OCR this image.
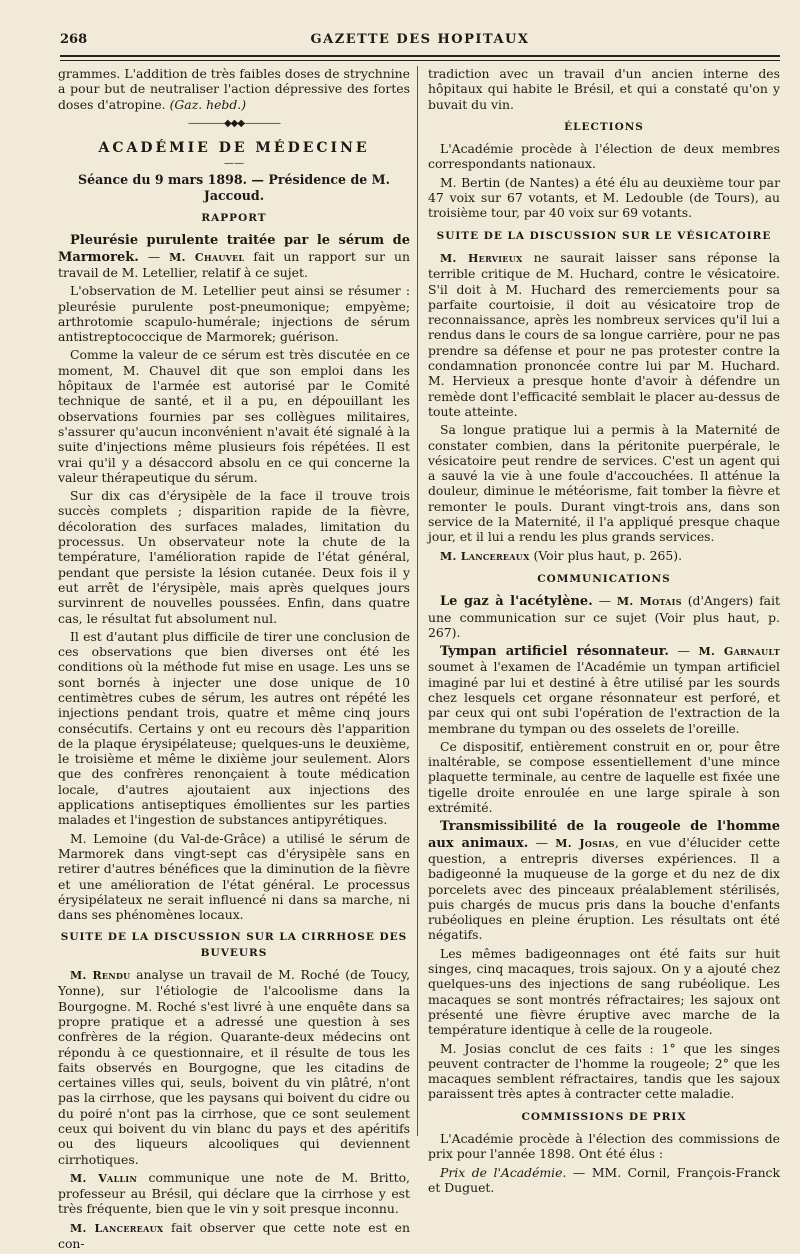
268	GAZETTE DES HOPITAUX

grammes. L'addition de très faibles doses de strychnine a pour but de neutraliser l'action dépressive des fortes doses d'atropine. (Gaz. hebd.)

————◆◆◆————
ACADÉMIE DE MÉDECINE
——
Séance du 9 mars 1898. — Présidence de M. Jaccoud.
RAPPORT

Pleurésie purulente traitée par le sérum de Marmorek. — M. Chauvel fait un rapport sur un travail de M. Letellier, relatif à ce sujet.

L'observation de M. Letellier peut ainsi se résumer : pleurésie purulente post-pneumonique; empyème; arthrotomie scapulo-humérale; injections de sérum antistreptococcique de Marmorek; guérison.

Comme la valeur de ce sérum est très discutée en ce moment, M. Chauvel dit que son emploi dans les hôpitaux de l'armée est autorisé par le Comité technique de santé, et il a pu, en dépouillant les observations fournies par ses collègues militaires, s'assurer qu'aucun inconvénient n'avait été signalé à la suite d'injections même plusieurs fois répétées. Il est vrai qu'il y a désaccord absolu en ce qui concerne la valeur thérapeutique du sérum.

Sur dix cas d'érysipèle de la face il trouve trois succès complets ; disparition rapide de la fièvre, décoloration des surfaces malades, limitation du processus. Un observateur note la chute de la température, l'amélioration rapide de l'état général, pendant que persiste la lésion cutanée. Deux fois il y eut arrêt de l'érysipèle, mais après quelques jours survinrent de nouvelles poussées. Enfin, dans quatre cas, le résultat fut absolument nul.

Il est d'autant plus difficile de tirer une conclusion de ces observations que bien diverses ont été les conditions où la méthode fut mise en usage. Les uns se sont bornés à injecter une dose unique de 10 centimètres cubes de sérum, les autres ont répété les injections pendant trois, quatre et même cinq jours consécutifs. Certains y ont eu recours dès l'apparition de la plaque érysipélateuse; quelques-uns le deuxième, le troisième et même le dixième jour seulement. Alors que des confrères renonçaient à toute médication locale, d'autres ajoutaient aux injections des applications antiseptiques émollientes sur les parties malades et l'ingestion de substances antipyrétiques.

M. Lemoine (du Val-de-Grâce) a utilisé le sérum de Marmorek dans vingt-sept cas d'érysipèle sans en retirer d'autres bénéfices que la diminution de la fièvre et une amélioration de l'état général. Le processus érysipélateux ne serait influencé ni dans sa marche, ni dans ses phénomènes locaux.

SUITE DE LA DISCUSSION SUR LA CIRRHOSE DES BUVEURS

M. Rendu analyse un travail de M. Roché (de Toucy, Yonne), sur l'étiologie de l'alcoolisme dans la Bourgogne. M. Roché s'est livré à une enquête dans sa propre pratique et a adressé une question à ses confrères de la région. Quarante-deux médecins ont répondu à ce questionnaire, et il résulte de tous les faits observés en Bourgogne, que les citadins de certaines villes qui, seuls, boivent du vin plâtré, n'ont pas la cirrhose, que les paysans qui boivent du cidre ou du poiré n'ont pas la cirrhose, que ce sont seulement ceux qui boivent du vin blanc du pays et des apéritifs ou des liqueurs alcooliques qui deviennent cirrhotiques.

M. Vallin communique une note de M. Britto, professeur au Brésil, qui déclare que la cirrhose y est très fréquente, bien que le vin y soit presque inconnu.

M. Lancereaux fait observer que cette note est en con-

tradiction avec un travail d'un ancien interne des hôpitaux qui habite le Brésil, et qui a constaté qu'on y buvait du vin.

ÉLECTIONS

L'Académie procède à l'élection de deux membres correspondants nationaux.

M. Bertin (de Nantes) a été élu au deuxième tour par 47 voix sur 67 votants, et M. Ledouble (de Tours), au troisième tour, par 40 voix sur 69 votants.

SUITE DE LA DISCUSSION SUR LE VÉSICATOIRE

M. Hervieux ne saurait laisser sans réponse la terrible critique de M. Huchard, contre le vésicatoire. S'il doit à M. Huchard des remerciements pour sa parfaite courtoisie, il doit au vésicatoire trop de reconnaissance, après les nombreux services qu'il lui a rendus dans le cours de sa longue carrière, pour ne pas prendre sa défense et pour ne pas protester contre la condamnation prononcée contre lui par M. Huchard. M. Hervieux a presque honte d'avoir à défendre un remède dont l'efficacité semblait le placer au-dessus de toute atteinte.

Sa longue pratique lui a permis à la Maternité de constater combien, dans la péritonite puerpérale, le vésicatoire peut rendre de services. C'est un agent qui a sauvé la vie à une foule d'accouchées. Il atténue la douleur, diminue le météorisme, fait tomber la fièvre et remonter le pouls. Durant vingt-trois ans, dans son service de la Maternité, il l'a appliqué presque chaque jour, et il lui a rendu les plus grands services.

M. Lancereaux (Voir plus haut, p. 265).

COMMUNICATIONS

Le gaz à l'acétylène. — M. Motais (d'Angers) fait une communication sur ce sujet (Voir plus haut, p. 267).

Tympan artificiel résonnateur. — M. Garnault soumet à l'examen de l'Académie un tympan artificiel imaginé par lui et destiné à être utilisé par les sourds chez lesquels cet organe résonnateur est perforé, et par ceux qui ont subi l'opération de l'extraction de la membrane du tympan ou des osselets de l'oreille.

Ce dispositif, entièrement construit en or, pour être inaltérable, se compose essentiellement d'une mince plaquette terminale, au centre de laquelle est fixée une tigelle droite enroulée en une large spirale à son extrémité.

Transmissibilité de la rougeole de l'homme aux animaux. — M. Josias, en vue d'élucider cette question, a entrepris diverses expériences. Il a badigeonné la muqueuse de la gorge et du nez de dix porcelets avec des pinceaux préalablement stérilisés, puis chargés de mucus pris dans la bouche d'enfants rubéoliques en pleine éruption. Les résultats ont été négatifs.

Les mêmes badigeonnages ont été faits sur huit singes, cinq macaques, trois sajoux. On y a ajouté chez quelques-uns des injections de sang rubéolique. Les macaques se sont montrés réfractaires; les sajoux ont présenté une fièvre éruptive avec marche de la température identique à celle de la rougeole.

M. Josias conclut de ces faits : 1° que les singes peuvent contracter de l'homme la rougeole; 2° que les macaques semblent réfractaires, tandis que les sajoux paraissent très aptes à contracter cette maladie.

COMMISSIONS DE PRIX

L'Académie procède à l'élection des commissions de prix pour l'année 1898. Ont été élus :

Prix de l'Académie. — MM. Cornil, François-Franck et Duguet.
